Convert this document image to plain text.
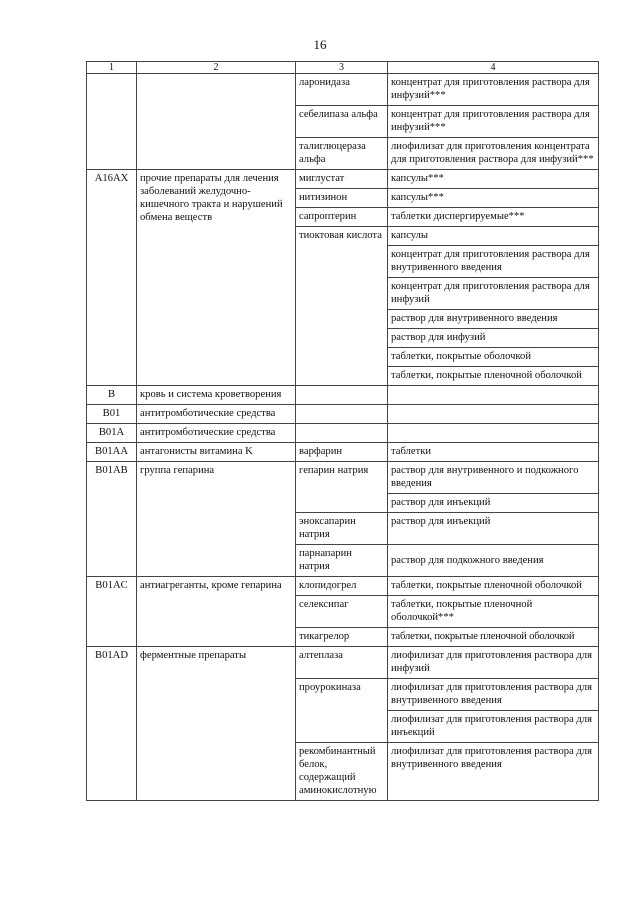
16
1	2	3	4
		ларонидаза	концентрат для приготовления раствора для инфузий***
		себелипаза альфа	концентрат для приготовления раствора для инфузий***
		талиглюцераза альфа	лиофилизат для приготовления концентрата для приготовления раствора для инфузий***
A16AX	прочие препараты для лечения заболеваний желудочно-кишечного тракта и нарушений обмена веществ	миглустат	капсулы***
		нитизинон	капсулы***
		сапроптерин	таблетки диспергируемые***
		тиоктовая кислота	капсулы
			концентрат для приготовления раствора для внутривенного введения
			концентрат для приготовления раствора для инфузий
			раствор для внутривенного введения
			раствор для инфузий
			таблетки, покрытые оболочкой
			таблетки, покрытые пленочной оболочкой
B	кровь и система кроветворения		
B01	антитромботические средства		
B01A	антитромботические средства		
B01AA	антагонисты витамина K	варфарин	таблетки
B01AB	группа гепарина	гепарин натрия	раствор для внутривенного и подкожного введения
			раствор для инъекций
		эноксапарин натрия	раствор для инъекций
		парнапарин натрия	раствор для подкожного введения
B01AC	антиагреганты, кроме гепарина	клопидогрел	таблетки, покрытые пленочной оболочкой
		селексипаг	таблетки, покрытые пленочной оболочкой***
		тикагрелор	таблетки, покрытые пленочной оболочкой
B01AD	ферментные препараты	алтеплаза	лиофилизат для приготовления раствора для инфузий
		проурокиназа	лиофилизат для приготовления раствора для внутривенного введения
			лиофилизат для приготовления раствора для инъекций
		рекомбинантный белок, содержащий аминокислотную	лиофилизат для приготовления раствора для внутривенного введения
